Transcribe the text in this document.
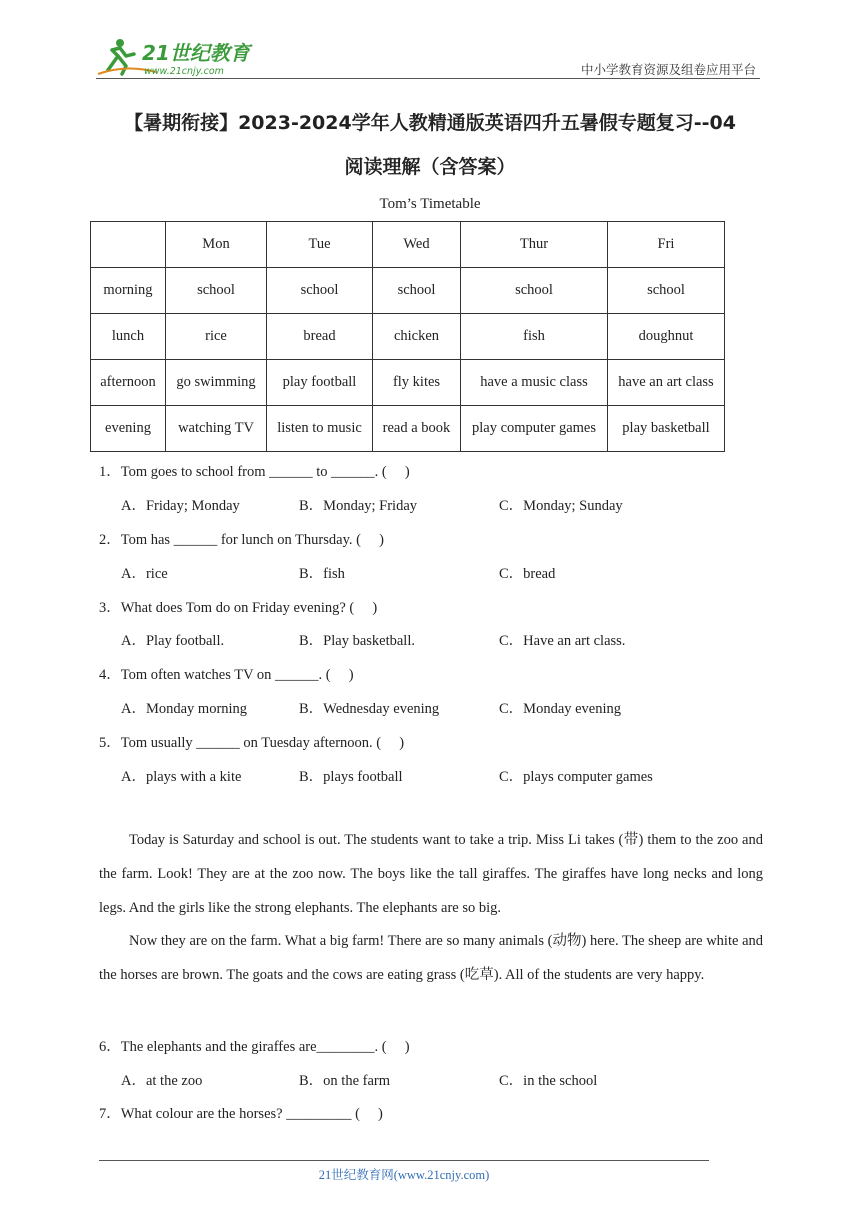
21世纪教育
www.21cnjy.com	中小学教育资源及组卷应用平台
【暑期衔接】2023-2024学年人教精通版英语四升五暑假专题复习--04
阅读理解（含答案）
Tom’s Timetable
	Mon	Tue	Wed	Thur	Fri
morning	school	school	school	school	school
lunch	rice	bread	chicken	fish	doughnut
afternoon	go swimming	play football	fly kites	have a music class	have an art class
evening	watching TV	listen to music	read a book	play computer games	play basketball
1．Tom goes to school from ______ to ______. (     )
A．Friday; Monday	B．Monday; Friday	C．Monday; Sunday
2．Tom has ______ for lunch on Thursday. (     )
A．rice	B．fish	C．bread
3．What does Tom do on Friday evening? (     )
A．Play football.	B．Play basketball.	C．Have an art class.
4．Tom often watches TV on ______. (     )
A．Monday morning	B．Wednesday evening	C．Monday evening
5．Tom usually ______ on Tuesday afternoon. (     )
A．plays with a kite	B．plays football	C．plays computer games
Today is Saturday and school is out. The students want to take a trip. Miss Li takes (带) them to the zoo and the farm. Look! They are at the zoo now. The boys like the tall giraffes. The giraffes have long necks and long legs. And the girls like the strong elephants. The elephants are so big.
Now they are on the farm. What a big farm! There are so many animals (动物) here. The sheep are white and the horses are brown. The goats and the cows are eating grass (吃草). All of the students are very happy.
6．The elephants and the giraffes are________. (     )
A．at the zoo	B．on the farm	C．in the school
7．What colour are the horses? _________ (     )
21世纪教育网(www.21cnjy.com)
